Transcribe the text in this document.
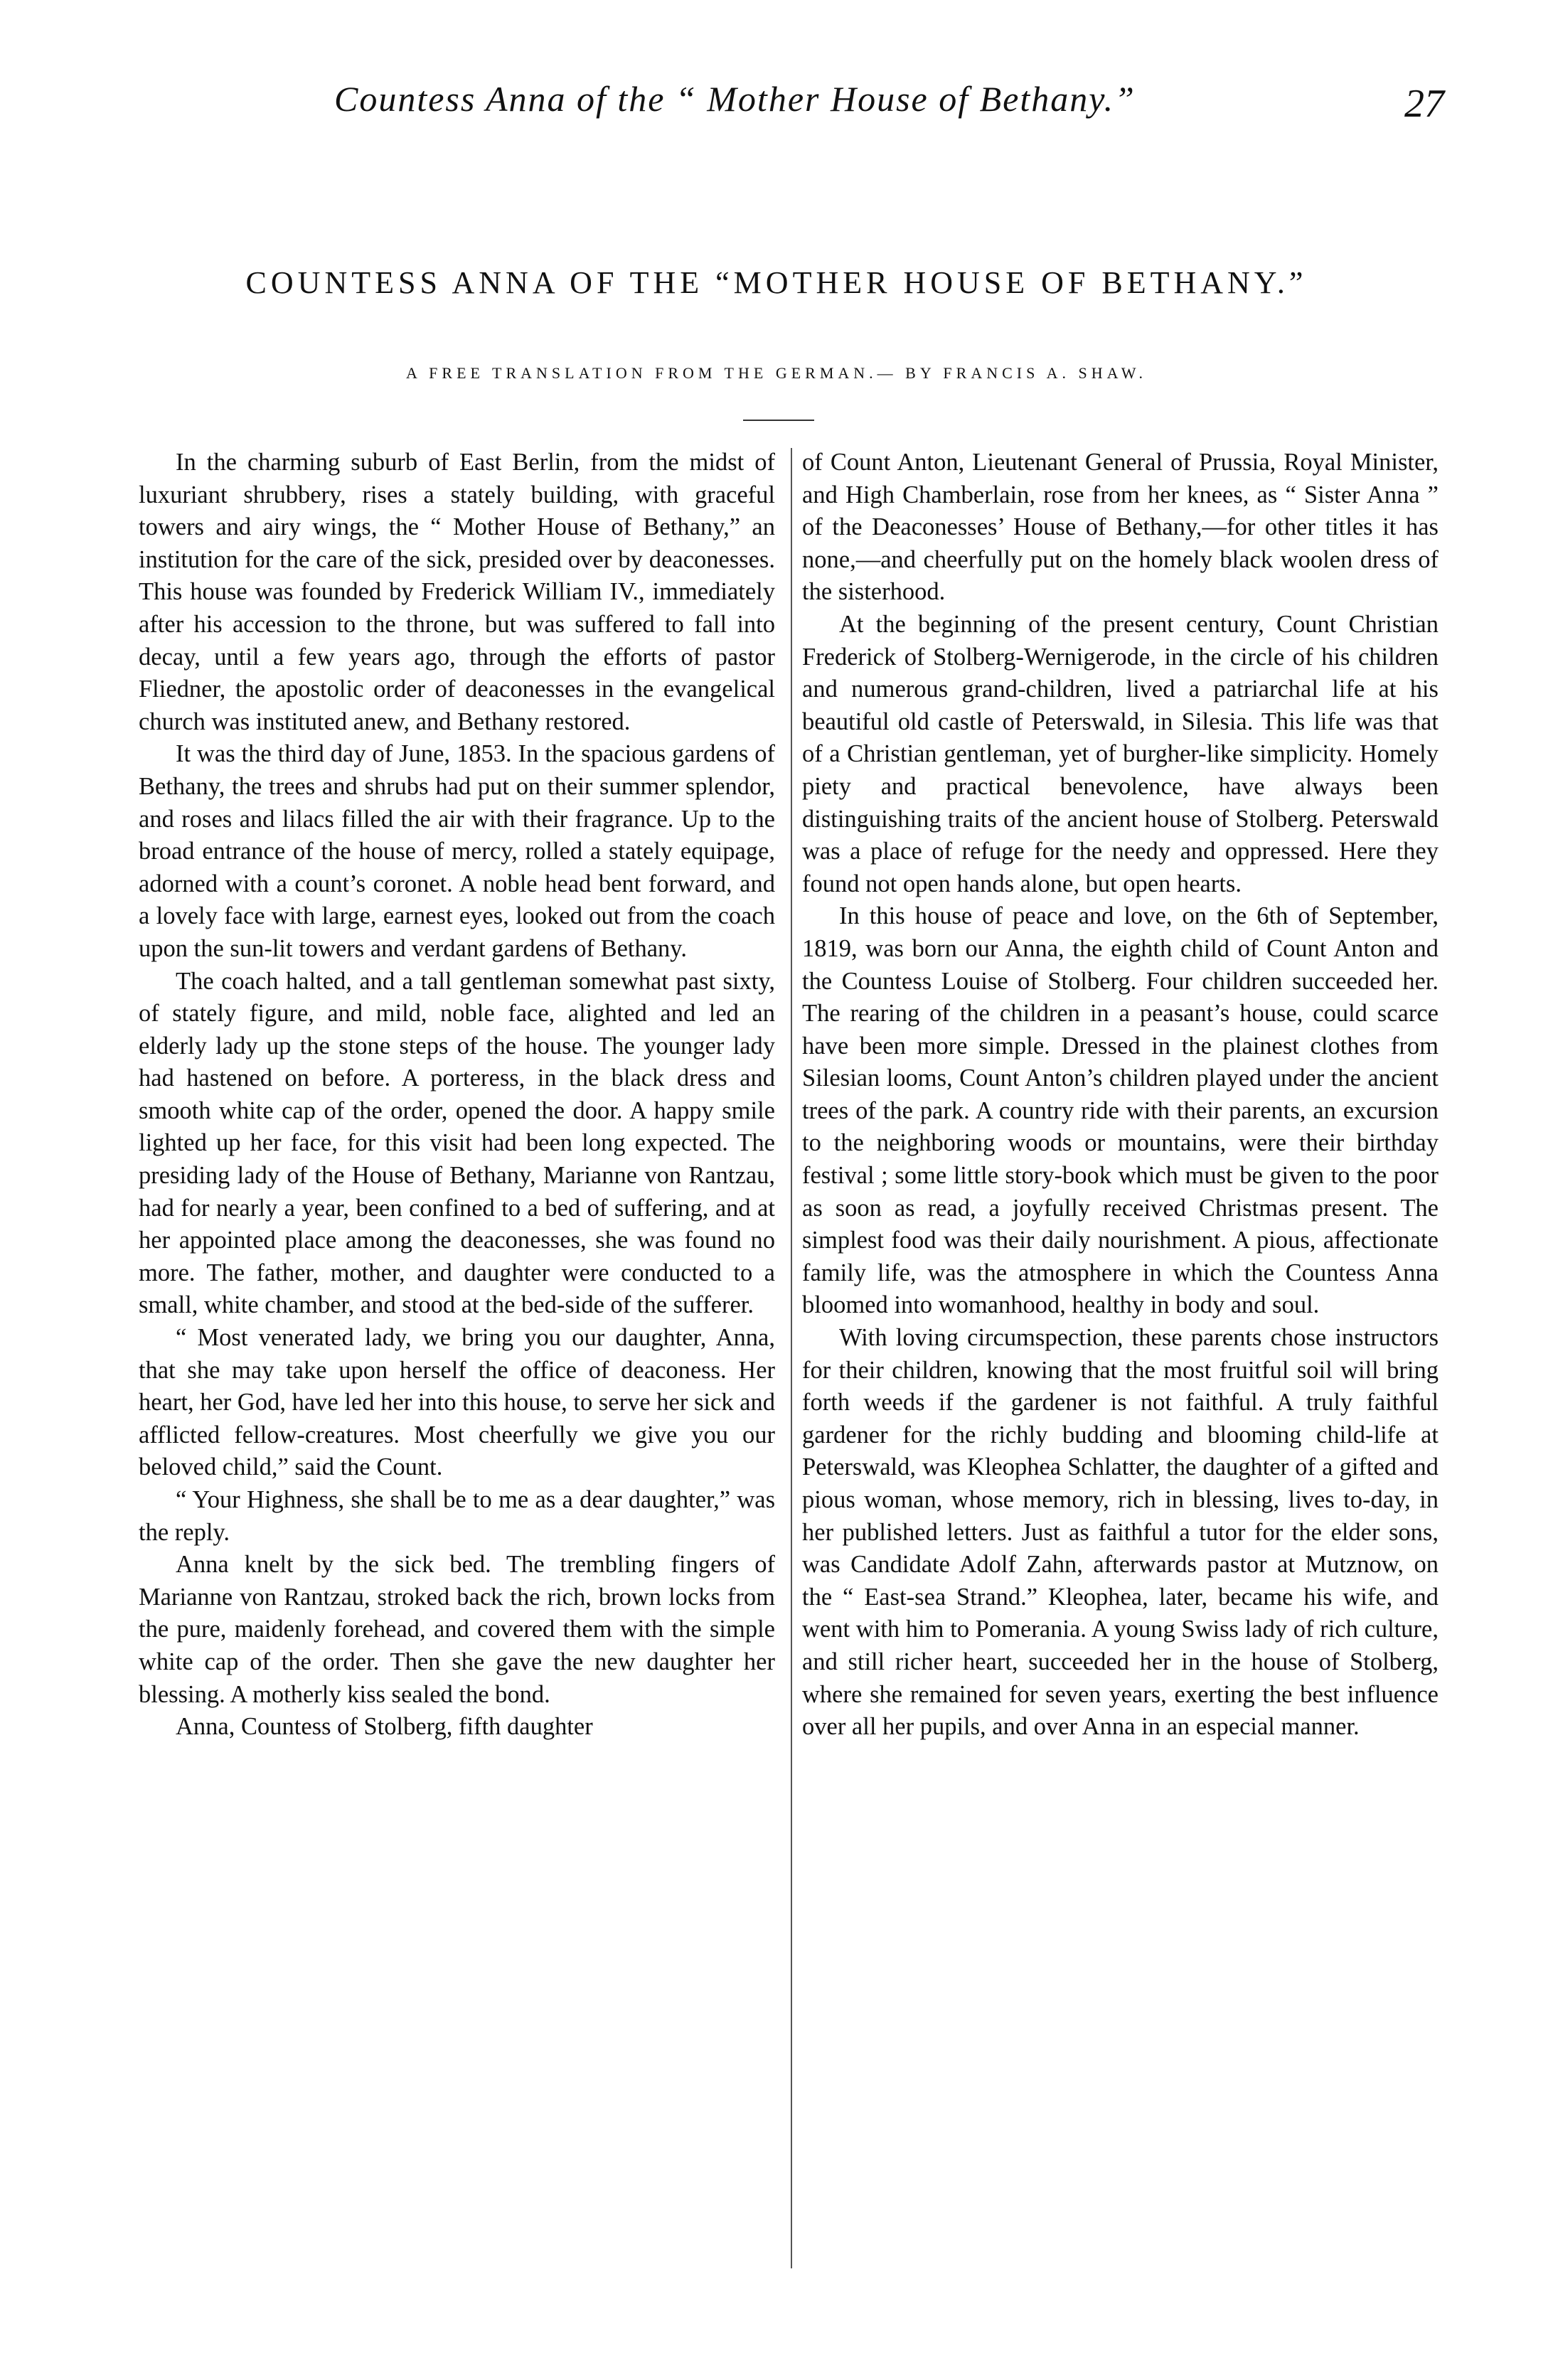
Countess Anna of the “ Mother House of Bethany.”	27
COUNTESS ANNA OF THE “MOTHER HOUSE OF BETHANY.”
A FREE TRANSLATION FROM THE GERMAN.— BY FRANCIS A. SHAW.

In the charming suburb of East Berlin, from the midst of luxuriant shrubbery, rises a stately building, with graceful towers and airy wings, the “ Mother House of Bethany,” an institution for the care of the sick, presided over by deaconesses. This house was founded by Frederick William IV., immediately after his accession to the throne, but was suffered to fall into decay, until a few years ago, through the efforts of pastor Fliedner, the apostolic order of deaconesses in the evangelical church was instituted anew, and Bethany restored.

It was the third day of June, 1853. In the spacious gardens of Bethany, the trees and shrubs had put on their summer splendor, and roses and lilacs filled the air with their fragrance. Up to the broad entrance of the house of mercy, rolled a stately equipage, adorned with a count’s coronet. A noble head bent forward, and a lovely face with large, earnest eyes, looked out from the coach upon the sun-lit towers and verdant gardens of Bethany.

The coach halted, and a tall gentleman somewhat past sixty, of stately figure, and mild, noble face, alighted and led an elderly lady up the stone steps of the house. The younger lady had hastened on before. A porteress, in the black dress and smooth white cap of the order, opened the door. A happy smile lighted up her face, for this visit had been long expected. The presiding lady of the House of Bethany, Marianne von Rantzau, had for nearly a year, been confined to a bed of suffering, and at her appointed place among the deaconesses, she was found no more. The father, mother, and daughter were conducted to a small, white chamber, and stood at the bed-side of the sufferer.

“ Most venerated lady, we bring you our daughter, Anna, that she may take upon herself the office of deaconess. Her heart, her God, have led her into this house, to serve her sick and afflicted fellow-creatures. Most cheerfully we give you our beloved child,” said the Count.

“ Your Highness, she shall be to me as a dear daughter,” was the reply.

Anna knelt by the sick bed. The trembling fingers of Marianne von Rantzau, stroked back the rich, brown locks from the pure, maidenly forehead, and covered them with the simple white cap of the order. Then she gave the new daughter her blessing. A motherly kiss sealed the bond.

Anna, Countess of Stolberg, fifth daughter

of Count Anton, Lieutenant General of Prussia, Royal Minister, and High Chamberlain, rose from her knees, as “ Sister Anna ” of the Deaconesses’ House of Bethany,—for other titles it has none,—and cheerfully put on the homely black woolen dress of the sisterhood.

At the beginning of the present century, Count Christian Frederick of Stolberg-Wernigerode, in the circle of his children and numerous grand-children, lived a patriarchal life at his beautiful old castle of Peterswald, in Silesia. This life was that of a Christian gentleman, yet of burgher-like simplicity. Homely piety and practical benevolence, have always been distinguishing traits of the ancient house of Stolberg. Peterswald was a place of refuge for the needy and oppressed. Here they found not open hands alone, but open hearts.

In this house of peace and love, on the 6th of September, 1819, was born our Anna, the eighth child of Count Anton and the Countess Louise of Stolberg. Four children succeeded her. The rearing of the children in a peasant’s house, could scarce have been more simple. Dressed in the plainest clothes from Silesian looms, Count Anton’s children played under the ancient trees of the park. A country ride with their parents, an excursion to the neighboring woods or mountains, were their birthday festival ; some little story-book which must be given to the poor as soon as read, a joyfully received Christmas present. The simplest food was their daily nourishment. A pious, affectionate family life, was the atmosphere in which the Countess Anna bloomed into womanhood, healthy in body and soul.

With loving circumspection, these parents chose instructors for their children, knowing that the most fruitful soil will bring forth weeds if the gardener is not faithful. A truly faithful gardener for the richly budding and blooming child-life at Peterswald, was Kleophea Schlatter, the daughter of a gifted and pious woman, whose memory, rich in blessing, lives to-day, in her published letters. Just as faithful a tutor for the elder sons, was Candidate Adolf Zahn, afterwards pastor at Mutznow, on the “ East-sea Strand.” Kleophea, later, became his wife, and went with him to Pomerania. A young Swiss lady of rich culture, and still richer heart, succeeded her in the house of Stolberg, where she remained for seven years, exerting the best influence over all her pupils, and over Anna in an especial manner.
